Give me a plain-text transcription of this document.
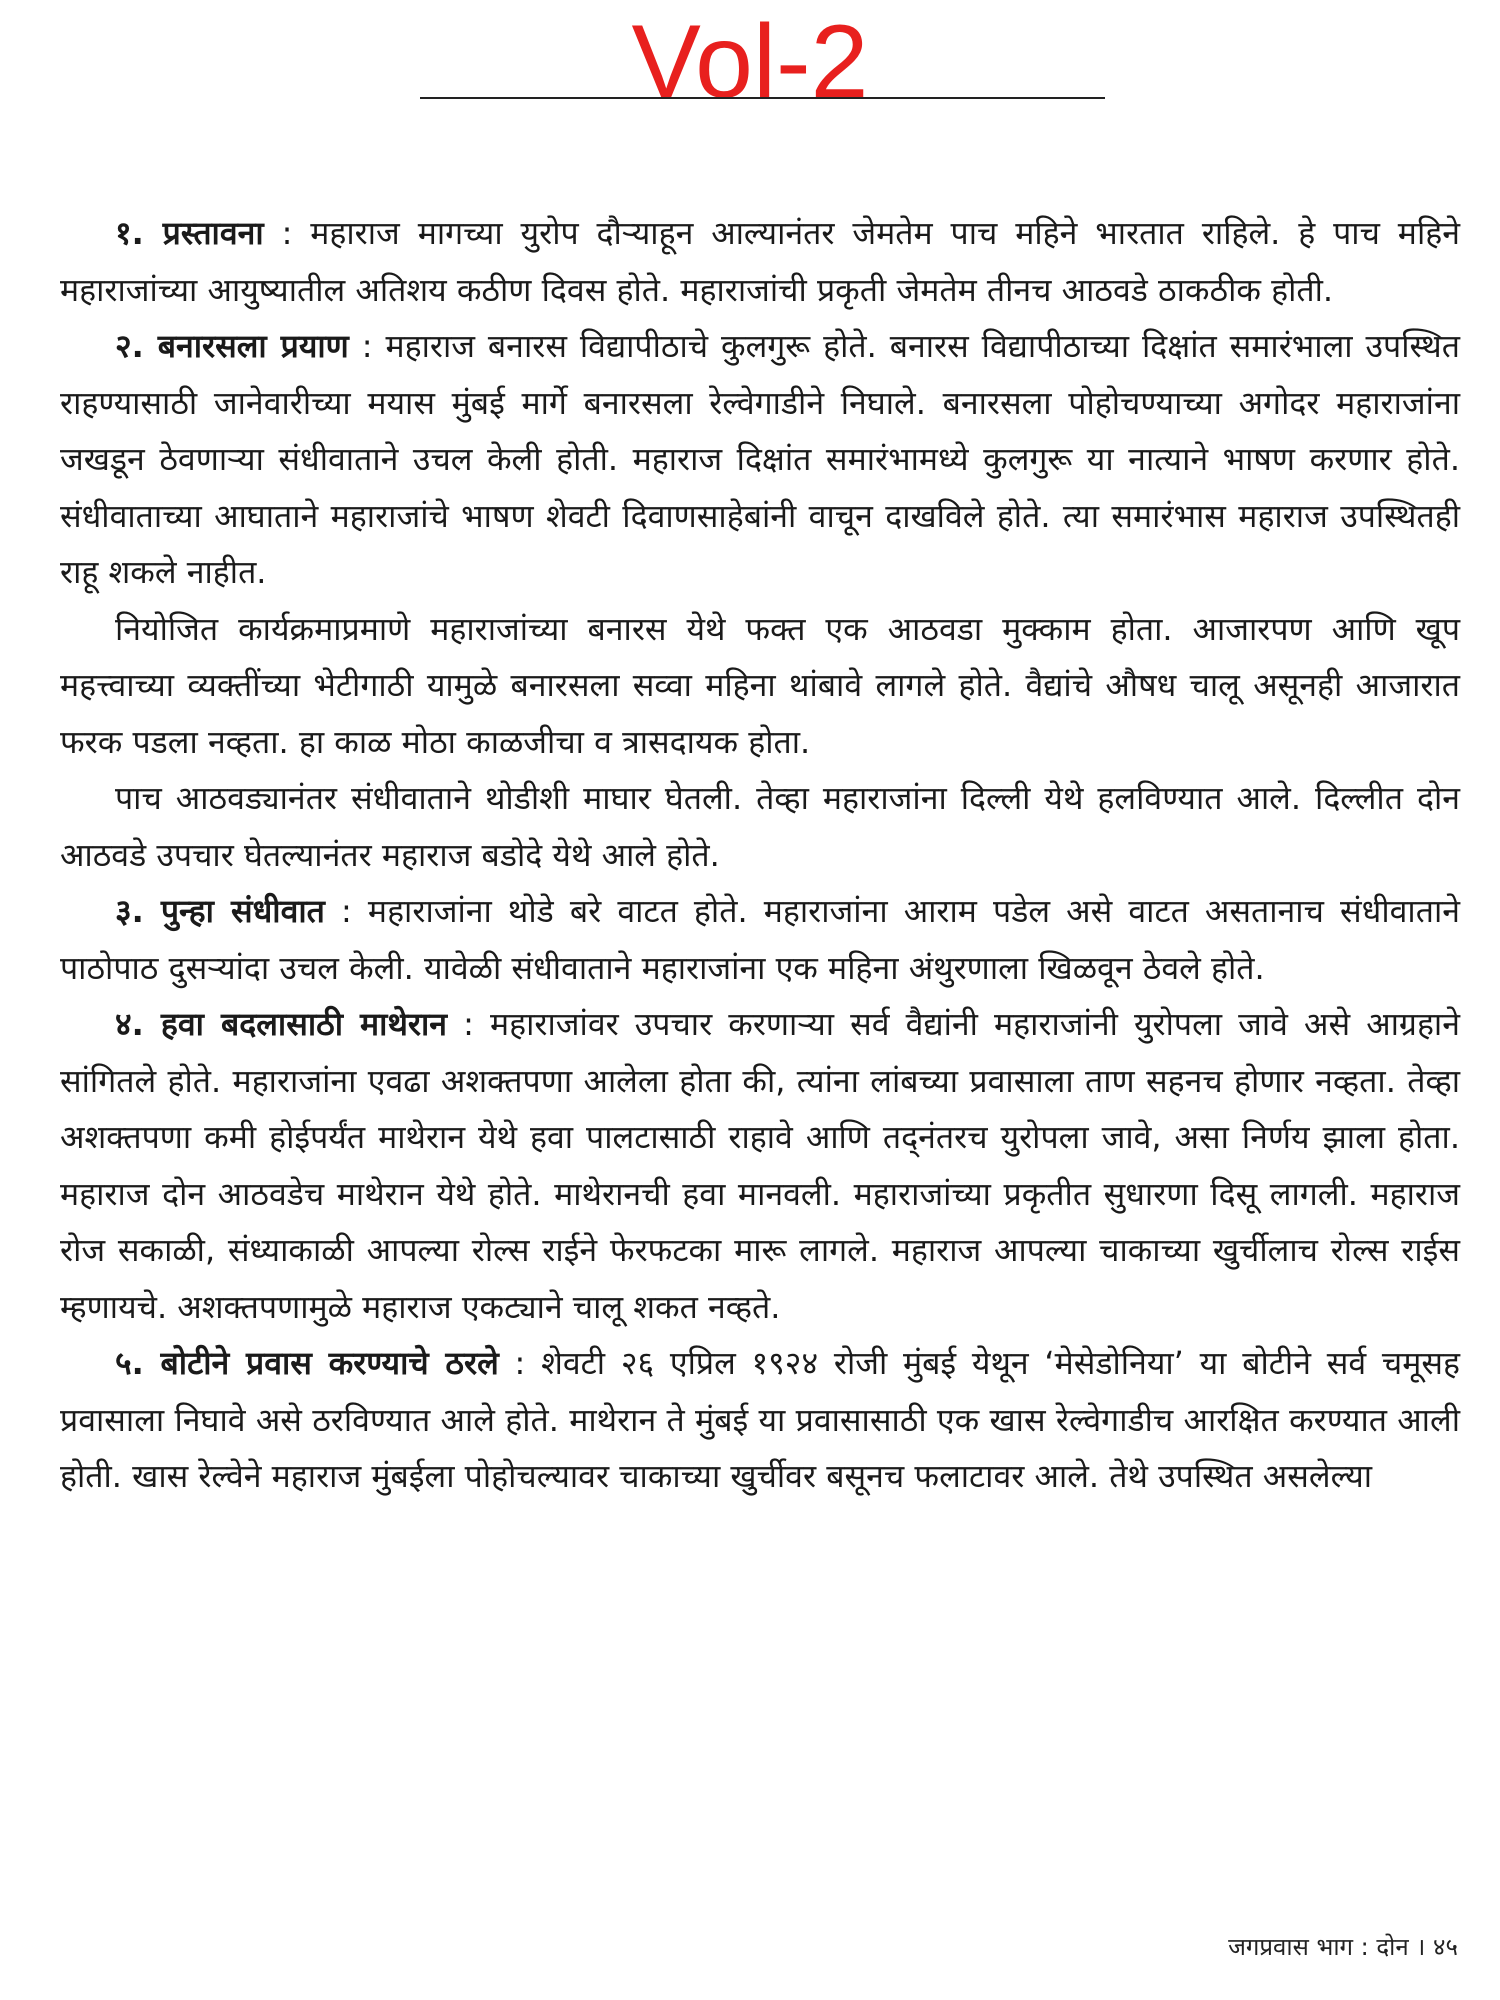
Vol-2

१. प्रस्तावना : महाराज मागच्या युरोप दौऱ्याहून आल्यानंतर जेमतेम पाच महिने भारतात राहिले. हे पाच महिने महाराजांच्या आयुष्यातील अतिशय कठीण दिवस होते. महाराजांची प्रकृती जेमतेम तीनच आठवडे ठाकठीक होती.

२. बनारसला प्रयाण : महाराज बनारस विद्यापीठाचे कुलगुरू होते. बनारस विद्यापीठाच्या दिक्षांत समारंभाला उपस्थित राहण्यासाठी जानेवारीच्या मयास मुंबई मार्गे बनारसला रेल्वेगाडीने निघाले. बनारसला पोहोचण्याच्या अगोदर महाराजांना जखडून ठेवणाऱ्या संधीवाताने उचल केली होती. महाराज दिक्षांत समारंभामध्ये कुलगुरू या नात्याने भाषण करणार होते. संधीवाताच्या आघाताने महाराजांचे भाषण शेवटी दिवाणसाहेबांनी वाचून दाखविले होते. त्या समारंभास महाराज उपस्थितही राहू शकले नाहीत.

नियोजित कार्यक्रमाप्रमाणे महाराजांच्या बनारस येथे फक्त एक आठवडा मुक्काम होता. आजारपण आणि खूप महत्त्वाच्या व्यक्तींच्या भेटीगाठी यामुळे बनारसला सव्वा महिना थांबावे लागले होते. वैद्यांचे औषध चालू असूनही आजारात फरक पडला नव्हता. हा काळ मोठा काळजीचा व त्रासदायक होता.

पाच आठवड्यानंतर संधीवाताने थोडीशी माघार घेतली. तेव्हा महाराजांना दिल्ली येथे हलविण्यात आले. दिल्लीत दोन आठवडे उपचार घेतल्यानंतर महाराज बडोदे येथे आले होते.

३. पुन्हा संधीवात : महाराजांना थोडे बरे वाटत होते. महाराजांना आराम पडेल असे वाटत असतानाच संधीवाताने पाठोपाठ दुसऱ्यांदा उचल केली. यावेळी संधीवाताने महाराजांना एक महिना अंथुरणाला खिळवून ठेवले होते.

४. हवा बदलासाठी माथेरान : महाराजांवर उपचार करणाऱ्या सर्व वैद्यांनी महाराजांनी युरोपला जावे असे आग्रहाने सांगितले होते. महाराजांना एवढा अशक्तपणा आलेला होता की, त्यांना लांबच्या प्रवासाला ताण सहनच होणार नव्हता. तेव्हा अशक्तपणा कमी होईपर्यंत माथेरान येथे हवा पालटासाठी राहावे आणि तद्नंतरच युरोपला जावे, असा निर्णय झाला होता. महाराज दोन आठवडेच माथेरान येथे होते. माथेरानची हवा मानवली. महाराजांच्या प्रकृतीत सुधारणा दिसू लागली. महाराज रोज सकाळी, संध्याकाळी आपल्या रोल्स राईने फेरफटका मारू लागले. महाराज आपल्या चाकाच्या खुर्चीलाच रोल्स राईस म्हणायचे. अशक्तपणामुळे महाराज एकट्याने चालू शकत नव्हते.

५. बोटीने प्रवास करण्याचे ठरले : शेवटी २६ एप्रिल १९२४ रोजी मुंबई येथून ‘मेसेडोनिया’ या बोटीने सर्व चमूसह प्रवासाला निघावे असे ठरविण्यात आले होते. माथेरान ते मुंबई या प्रवासासाठी एक खास रेल्वेगाडीच आरक्षित करण्यात आली होती. खास रेल्वेने महाराज मुंबईला पोहोचल्यावर चाकाच्या खुर्चीवर बसूनच फलाटावर आले. तेथे उपस्थित असलेल्या

जगप्रवास भाग : दोन । ४५
